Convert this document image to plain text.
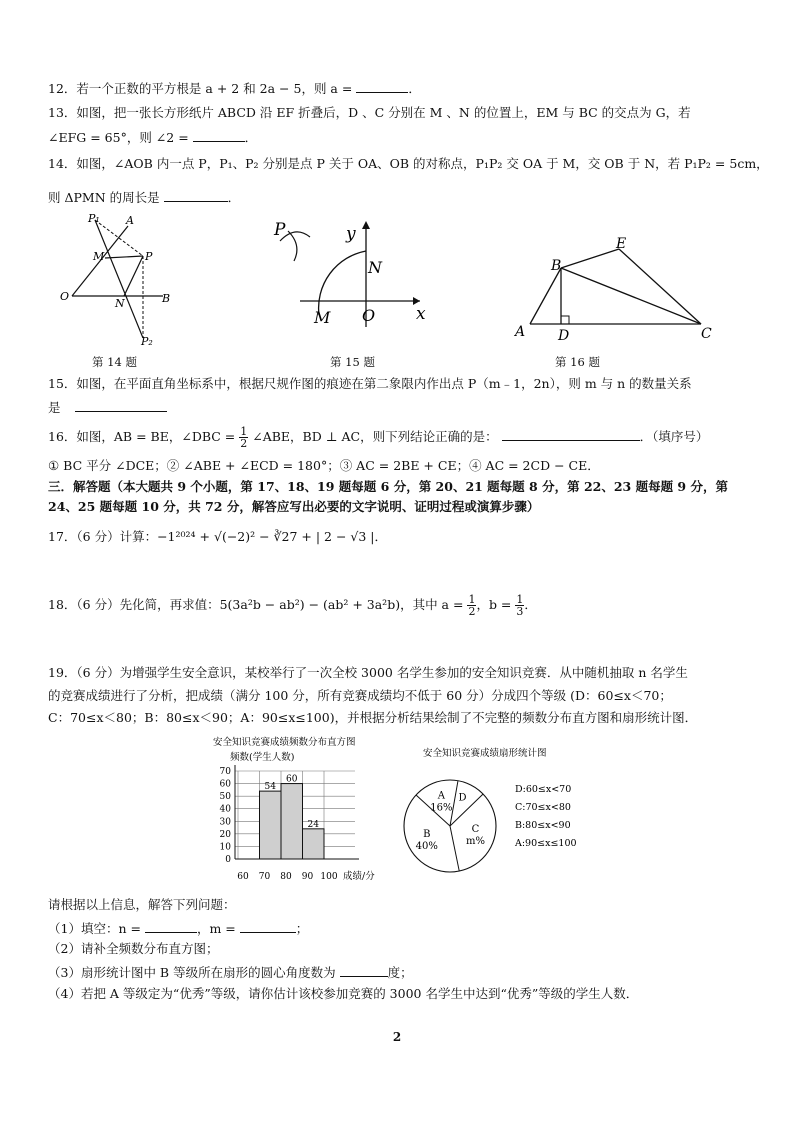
12．若一个正数的平方根是 a + 2 和 2a − 5，则 a =	．
13．如图，把一张长方形纸片 ABCD 沿 EF 折叠后，D 、C 分别在 M 、N 的位置上，EM 与 BC 的交点为 G，若
∠EFG = 65°，则 ∠2 =	．
14．如图，∠AOB 内一点 P，P₁、P₂ 分别是点 P 关于 OA、OB 的对称点，P₁P₂ 交 OA 于 M，交 OB 于 N，若 P₁P₂ = 5cm，
则 ΔPMN 的周长是	．
P₁ A
M	P
O
N	B
P₂
第 14 题
P	y
N
M O x
第 15 题
B
E
A D	C
第 16 题
15．如图，在平面直角坐标系中，根据尺规作图的痕迹在第二象限内作出点 P（m﹣1，2n），则 m 与 n 的数量关系
是
16．如图，AB = BE，∠DBC = $\frac{1}{2}$ ∠ABE，BD ⊥ AC，则下列结论正确的是：	．（填序号）
① BC 平分 ∠DCE；② ∠ABE + ∠ECD = 180°；③ AC = 2BE + CE；④ AC = 2CD − CE．
三．解答题（本大题共 9 个小题，第 17、18、19 题每题 6 分，第 20、21 题每题 8 分，第 22、23 题每题 9 分，第
24、25 题每题 10 分，共 72 分，解答应写出必要的文字说明、证明过程或演算步骤）
17．（6 分）计算：−1²⁰²⁴ + √(−2)² − ∛27 + | 2 − √3 |．
18．（6 分）先化简，再求值：5(3a²b − ab²) − (ab² + 3a²b)，其中 $a = \frac{1}{2}$ ，$b = \frac{1}{3}$ ．
19．（6 分）为增强学生安全意识，某校举行了一次全校 3000 名学生参加的安全知识竞赛．从中随机抽取 n 名学生
的竞赛成绩进行了分析，把成绩（满分 100 分，所有竞赛成绩均不低于 60 分）分成四个等级 (D：60≤x＜70；
C：70≤x＜80；B：80≤x＜90；A：90≤x≤100)，并根据分析结果绘制了不完整的频数分布直方图和扇形统计图．
安全知识竞赛成绩频数分布直方图
频数(学生人数)
54
60
24
0
10
20
30
40
50
60
70
60 70 80 90 100 成绩/分
安全知识竞赛成绩扇形统计图
A
16%
D
C
m%
B
40%
D:60≤x<70
C:70≤x<80
B:80≤x<90
A:90≤x≤100
请根据以上信息，解答下列问题：
（1）填空：n =	，m =	；
（2）请补全频数分布直方图；
（3）扇形统计图中 B 等级所在扇形的圆心角度数为	度；
（4）若把 A 等级定为“优秀”等级，请你估计该校参加竞赛的 3000 名学生中达到“优秀”等级的学生人数．
2
